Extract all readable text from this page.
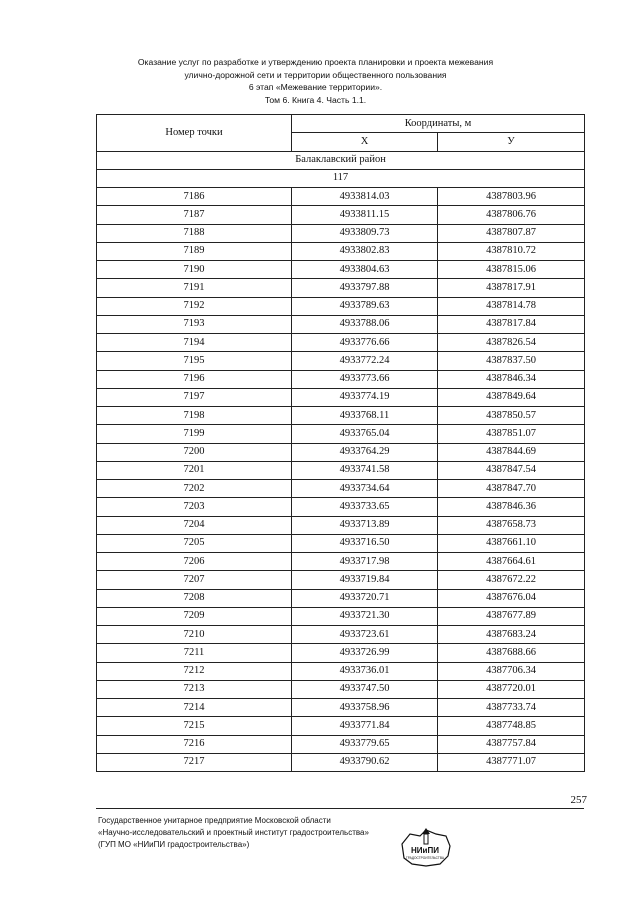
Оказание услуг по разработке и утверждению проекта планировки и проекта межевания
улично-дорожной сети и территории общественного пользования
6 этап «Межевание территории».
Том 6. Книга 4. Часть 1.1.
Номер точки	Координаты, м	
	Х	У
Балаклавский район		
117		
7186	4933814.03	4387803.96
7187	4933811.15	4387806.76
7188	4933809.73	4387807.87
7189	4933802.83	4387810.72
7190	4933804.63	4387815.06
7191	4933797.88	4387817.91
7192	4933789.63	4387814.78
7193	4933788.06	4387817.84
7194	4933776.66	4387826.54
7195	4933772.24	4387837.50
7196	4933773.66	4387846.34
7197	4933774.19	4387849.64
7198	4933768.11	4387850.57
7199	4933765.04	4387851.07
7200	4933764.29	4387844.69
7201	4933741.58	4387847.54
7202	4933734.64	4387847.70
7203	4933733.65	4387846.36
7204	4933713.89	4387658.73
7205	4933716.50	4387661.10
7206	4933717.98	4387664.61
7207	4933719.84	4387672.22
7208	4933720.71	4387676.04
7209	4933721.30	4387677.89
7210	4933723.61	4387683.24
7211	4933726.99	4387688.66
7212	4933736.01	4387706.34
7213	4933747.50	4387720.01
7214	4933758.96	4387733.74
7215	4933771.84	4387748.85
7216	4933779.65	4387757.84
7217	4933790.62	4387771.07
257
Государственное унитарное предприятие Московской области
«Научно-исследовательский и проектный институт градостроительства»
(ГУП МО «НИиПИ градостроительства»)
НИиПИ
ГРАДОСТРОИТЕЛЬСТВА
